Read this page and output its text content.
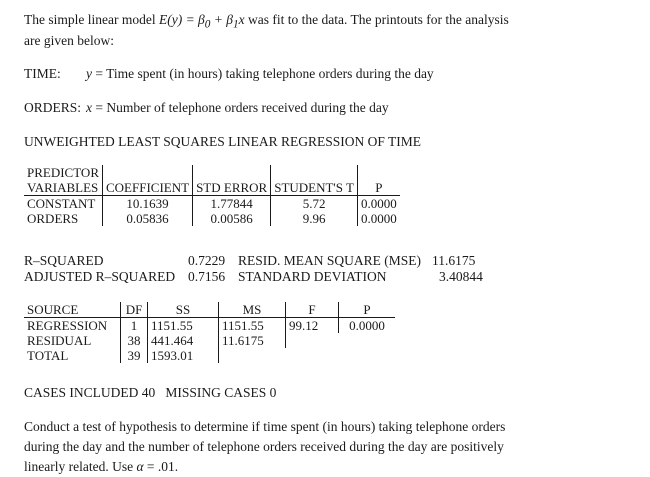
The simple linear model $E(y) = \beta_0 + \beta_1x$ was fit to the data. The printouts for the analysis
are given below:
TIME: y = Time spent (in hours) taking telephone orders during the day
ORDERS: x = Number of telephone orders received during the day
UNWEIGHTED LEAST SQUARES LINEAR REGRESSION OF TIME
PREDICTOR				
VARIABLES	COEFFICIENT	STD ERROR	STUDENT'S T	P
CONSTANT	10.1639	1.77844	5.72	0.0000
ORDERS	0.05836	0.00586	9.96	0.0000
R–SQUARED	0.7229 RESID. MEAN SQUARE (MSE) 11.6175
ADJUSTED R–SQUARED 0.7156 STANDARD DEVIATION	3.40844
SOURCE	DF	SS	MS	F	P
REGRESSION	1	1151.55	1151.55	99.12	0.0000
RESIDUAL	38	441.464	11.6175		
TOTAL	39	1593.01			
CASES INCLUDED 40   MISSING CASES 0
Conduct a test of hypothesis to determine if time spent (in hours) taking telephone orders
during the day and the number of telephone orders received during the day are positively
linearly related. Use α = .01.
